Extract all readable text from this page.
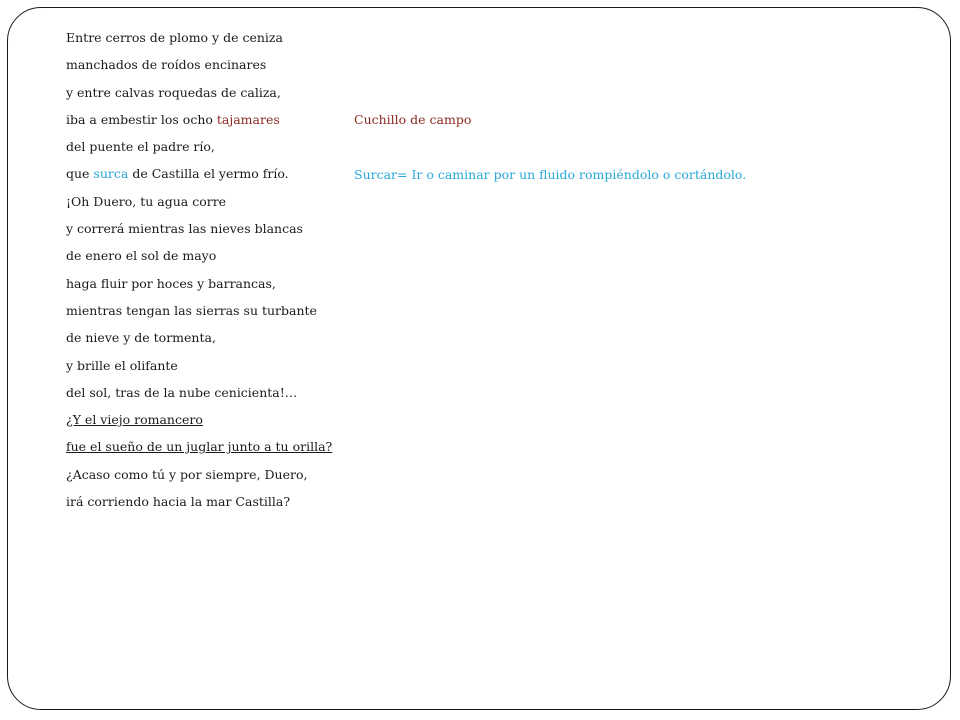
Entre cerros de plomo y de ceniza
manchados de roídos encinares
y entre calvas roquedas de caliza,
iba a embestir los ocho tajamares
del puente el padre río,
que surca de Castilla el yermo frío.
¡Oh Duero, tu agua corre
y correrá mientras las nieves blancas
de enero el sol de mayo
haga fluir por hoces y barrancas,
mientras tengan las sierras su turbante
de nieve y de tormenta,
y brille el olifante
del sol, tras de la nube cenicienta!…
¿Y el viejo romancero
fue el sueño de un juglar junto a tu orilla?
¿Acaso como tú y por siempre, Duero,
irá corriendo hacia la mar Castilla?
Cuchillo de campo
Surcar= Ir o caminar por un fluido rompiéndolo o cortándolo.
